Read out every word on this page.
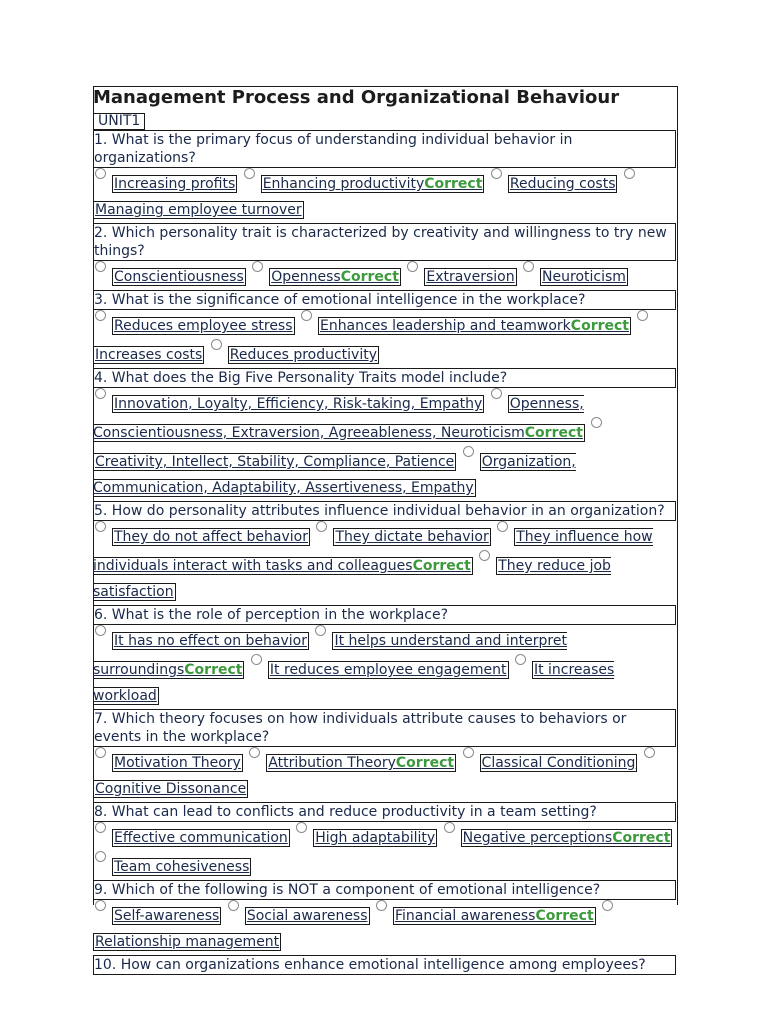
Management Process and Organizational Behaviour
UNIT1
1. What is the primary focus of understanding individual behavior in organizations?
Increasing profits Enhancing productivityCorrect Reducing costs Managing employee turnover
2. Which personality trait is characterized by creativity and willingness to try new things?
Conscientiousness OpennessCorrect Extraversion Neuroticism
3. What is the significance of emotional intelligence in the workplace?
Reduces employee stress Enhances leadership and teamworkCorrect Increases costs Reduces productivity
4. What does the Big Five Personality Traits model include?
Innovation, Loyalty, Efficiency, Risk-taking, Empathy Openness, Conscientiousness, Extraversion, Agreeableness, NeuroticismCorrect Creativity, Intellect, Stability, Compliance, Patience Organization, Communication, Adaptability, Assertiveness, Empathy
5. How do personality attributes influence individual behavior in an organization?
They do not affect behavior They dictate behavior They influence how individuals interact with tasks and colleaguesCorrect They reduce job satisfaction
6. What is the role of perception in the workplace?
It has no effect on behavior It helps understand and interpret surroundingsCorrect It reduces employee engagement It increases workload
7. Which theory focuses on how individuals attribute causes to behaviors or events in the workplace?
Motivation Theory Attribution TheoryCorrect Classical Conditioning Cognitive Dissonance
8. What can lead to conflicts and reduce productivity in a team setting?
Effective communication High adaptability Negative perceptionsCorrect Team cohesiveness
9. Which of the following is NOT a component of emotional intelligence?
Self-awareness Social awareness Financial awarenessCorrect Relationship management
10. How can organizations enhance emotional intelligence among employees?
